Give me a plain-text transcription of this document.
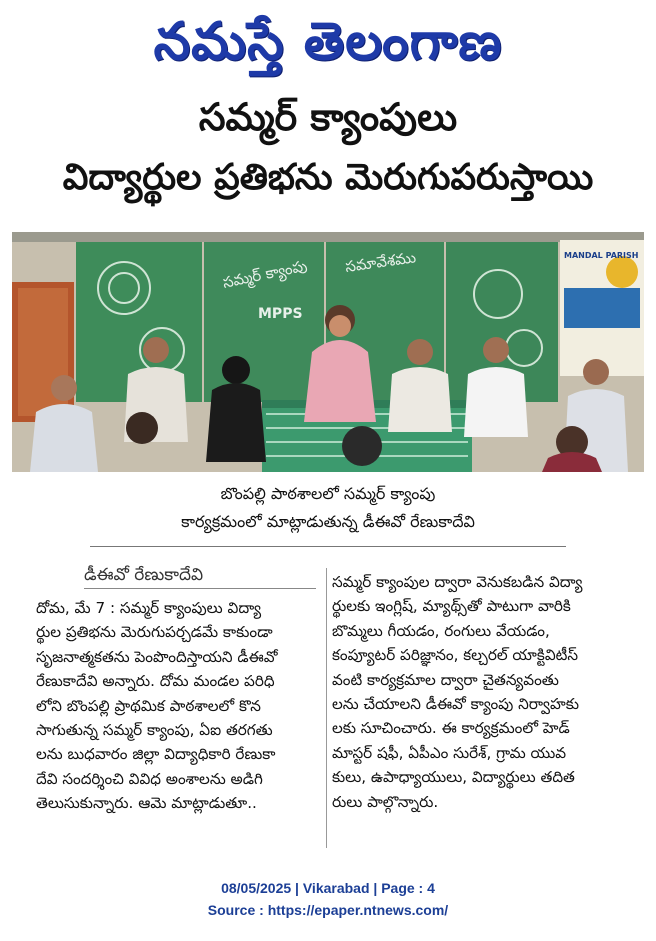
నమస్తే తెలంగాణ
సమ్మర్ క్యాంపులు
విద్యార్థుల ప్రతిభను మెరుగుపరుస్తాయి
సమ్మర్ క్యాంపు సమావేశము
MPPS
MANDAL PARISH
బొంపల్లి పాఠశాలలో సమ్మర్ క్యాంపు
కార్యక్రమంలో మాట్లాడుతున్న డీఈవో రేణుకాదేవి
డీఈవో రేణుకాదేవి
దోమ, మే 7 : సమ్మర్ క్యాంపులు విద్యా
ర్థుల ప్రతిభను మెరుగుపర్చడమే కాకుండా
సృజనాత్మకతను పెంపొందిస్తాయని డీఈవో
రేణుకాదేవి అన్నారు. దోమ మండల పరిధి
లోని బొంపల్లి ప్రాథమిక పాఠశాలలో కొన
సాగుతున్న సమ్మర్ క్యాంపు, ఏఐ తరగతు
లను బుధవారం జిల్లా విద్యాధికారి రేణుకా
దేవి సందర్శించి వివిధ అంశాలను అడిగి
తెలుసుకున్నారు. ఆమె మాట్లాడుతూ..
సమ్మర్ క్యాంపుల ద్వారా వెనుకబడిన విద్యా
ర్థులకు ఇంగ్లిష్, మ్యాథ్స్‌తో పాటుగా వారికి
బొమ్మలు గీయడం, రంగులు వేయడం,
కంప్యూటర్ పరిజ్ఞానం, కల్చరల్ యాక్టివిటీస్
వంటి కార్యక్రమాల ద్వారా చైతన్యవంతు
లను చేయాలని డీఈవో క్యాంపు నిర్వాహకు
లకు సూచించారు. ఈ కార్యక్రమంలో హెడ్
మాస్టర్ షఫీ, ఏపీఎం సురేశ్, గ్రామ యువ
కులు, ఉపాధ్యాయులు, విద్యార్థులు తదిత
రులు పాల్గొన్నారు.
08/05/2025 | Vikarabad | Page : 4
Source : https://epaper.ntnews.com/
